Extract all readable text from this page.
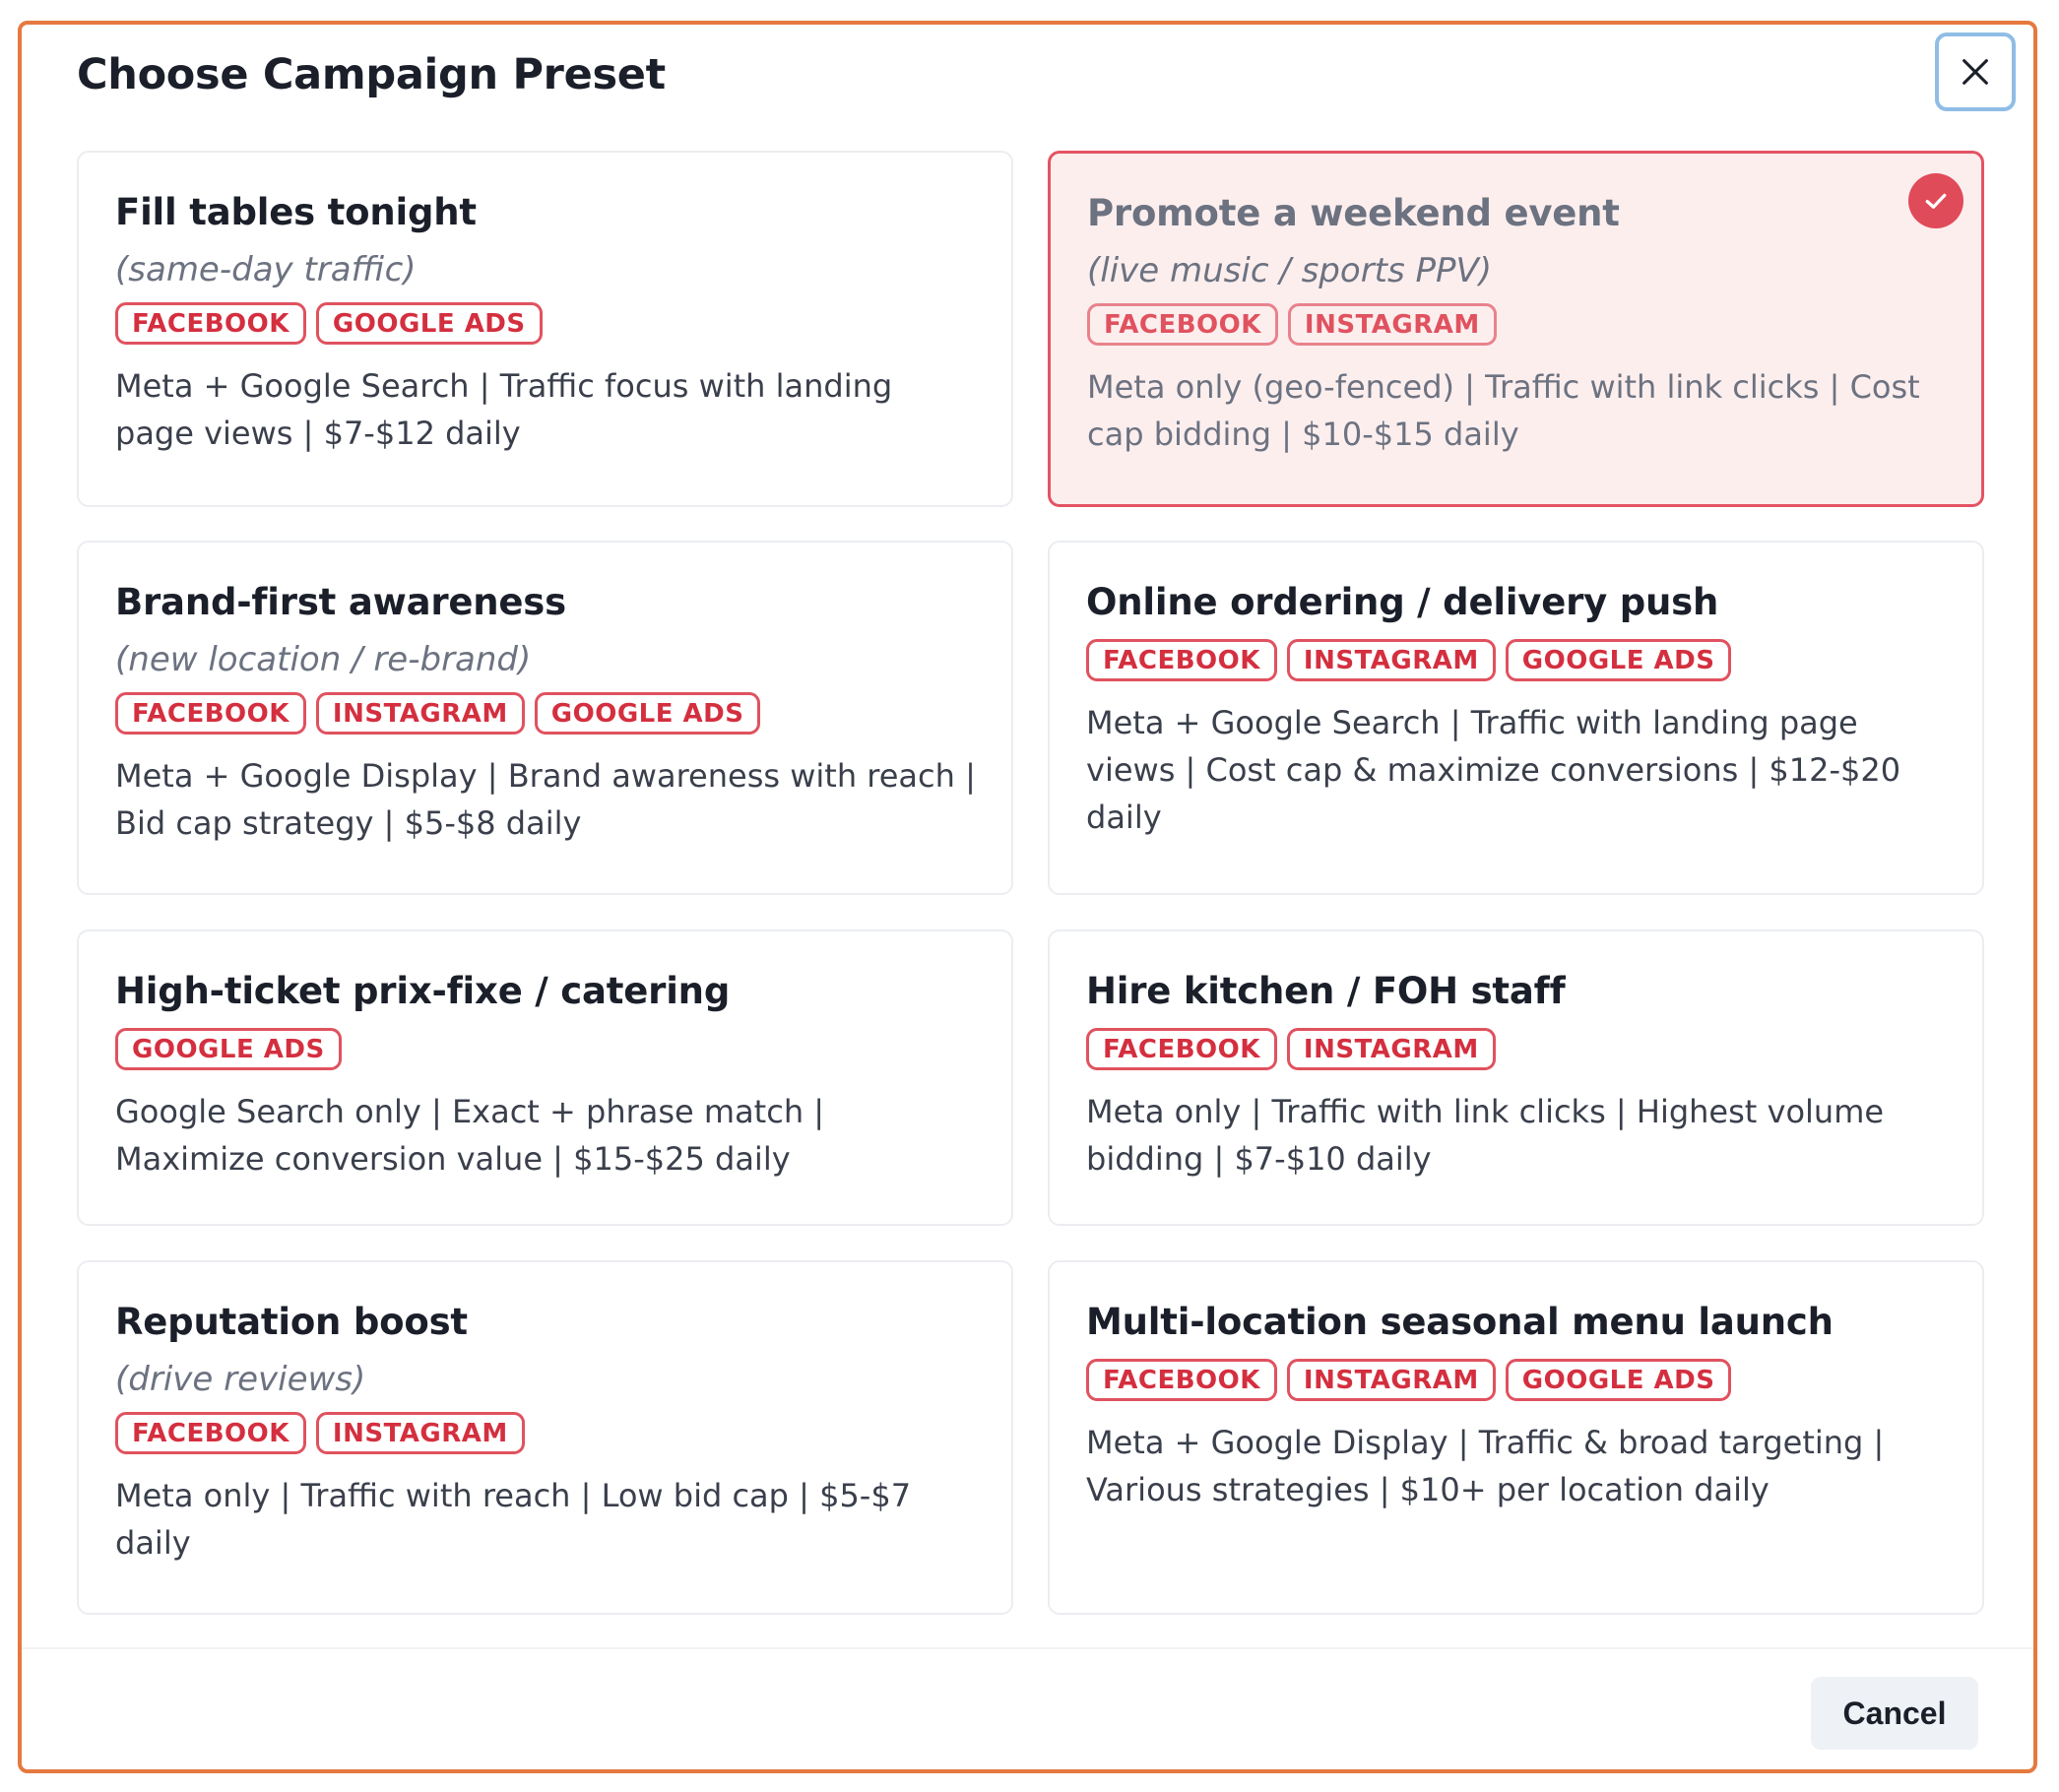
Choose Campaign Preset
Fill tables tonight
(same-day traffic)
FACEBOOK	GOOGLE ADS
Meta + Google Search | Traffic focus with landing page views | $7-$12 daily
Promote a weekend event
(live music / sports PPV)
FACEBOOK	INSTAGRAM
Meta only (geo-fenced) | Traffic with link clicks | Cost cap bidding | $10-$15 daily
Brand-first awareness
(new location / re-brand)
FACEBOOK	INSTAGRAM	GOOGLE ADS
Meta + Google Display | Brand awareness with reach | Bid cap strategy | $5-$8 daily
Online ordering / delivery push
FACEBOOK	INSTAGRAM	GOOGLE ADS
Meta + Google Search | Traffic with landing page views | Cost cap & maximize conversions | $12-$20 daily
High-ticket prix-fixe / catering
GOOGLE ADS
Google Search only | Exact + phrase match | Maximize conversion value | $15-$25 daily
Hire kitchen / FOH staff
FACEBOOK	INSTAGRAM
Meta only | Traffic with link clicks | Highest volume bidding | $7-$10 daily
Reputation boost
(drive reviews)
FACEBOOK	INSTAGRAM
Meta only | Traffic with reach | Low bid cap | $5-$7 daily
Multi-location seasonal menu launch
FACEBOOK	INSTAGRAM	GOOGLE ADS
Meta + Google Display | Traffic & broad targeting | Various strategies | $10+ per location daily
Cancel
